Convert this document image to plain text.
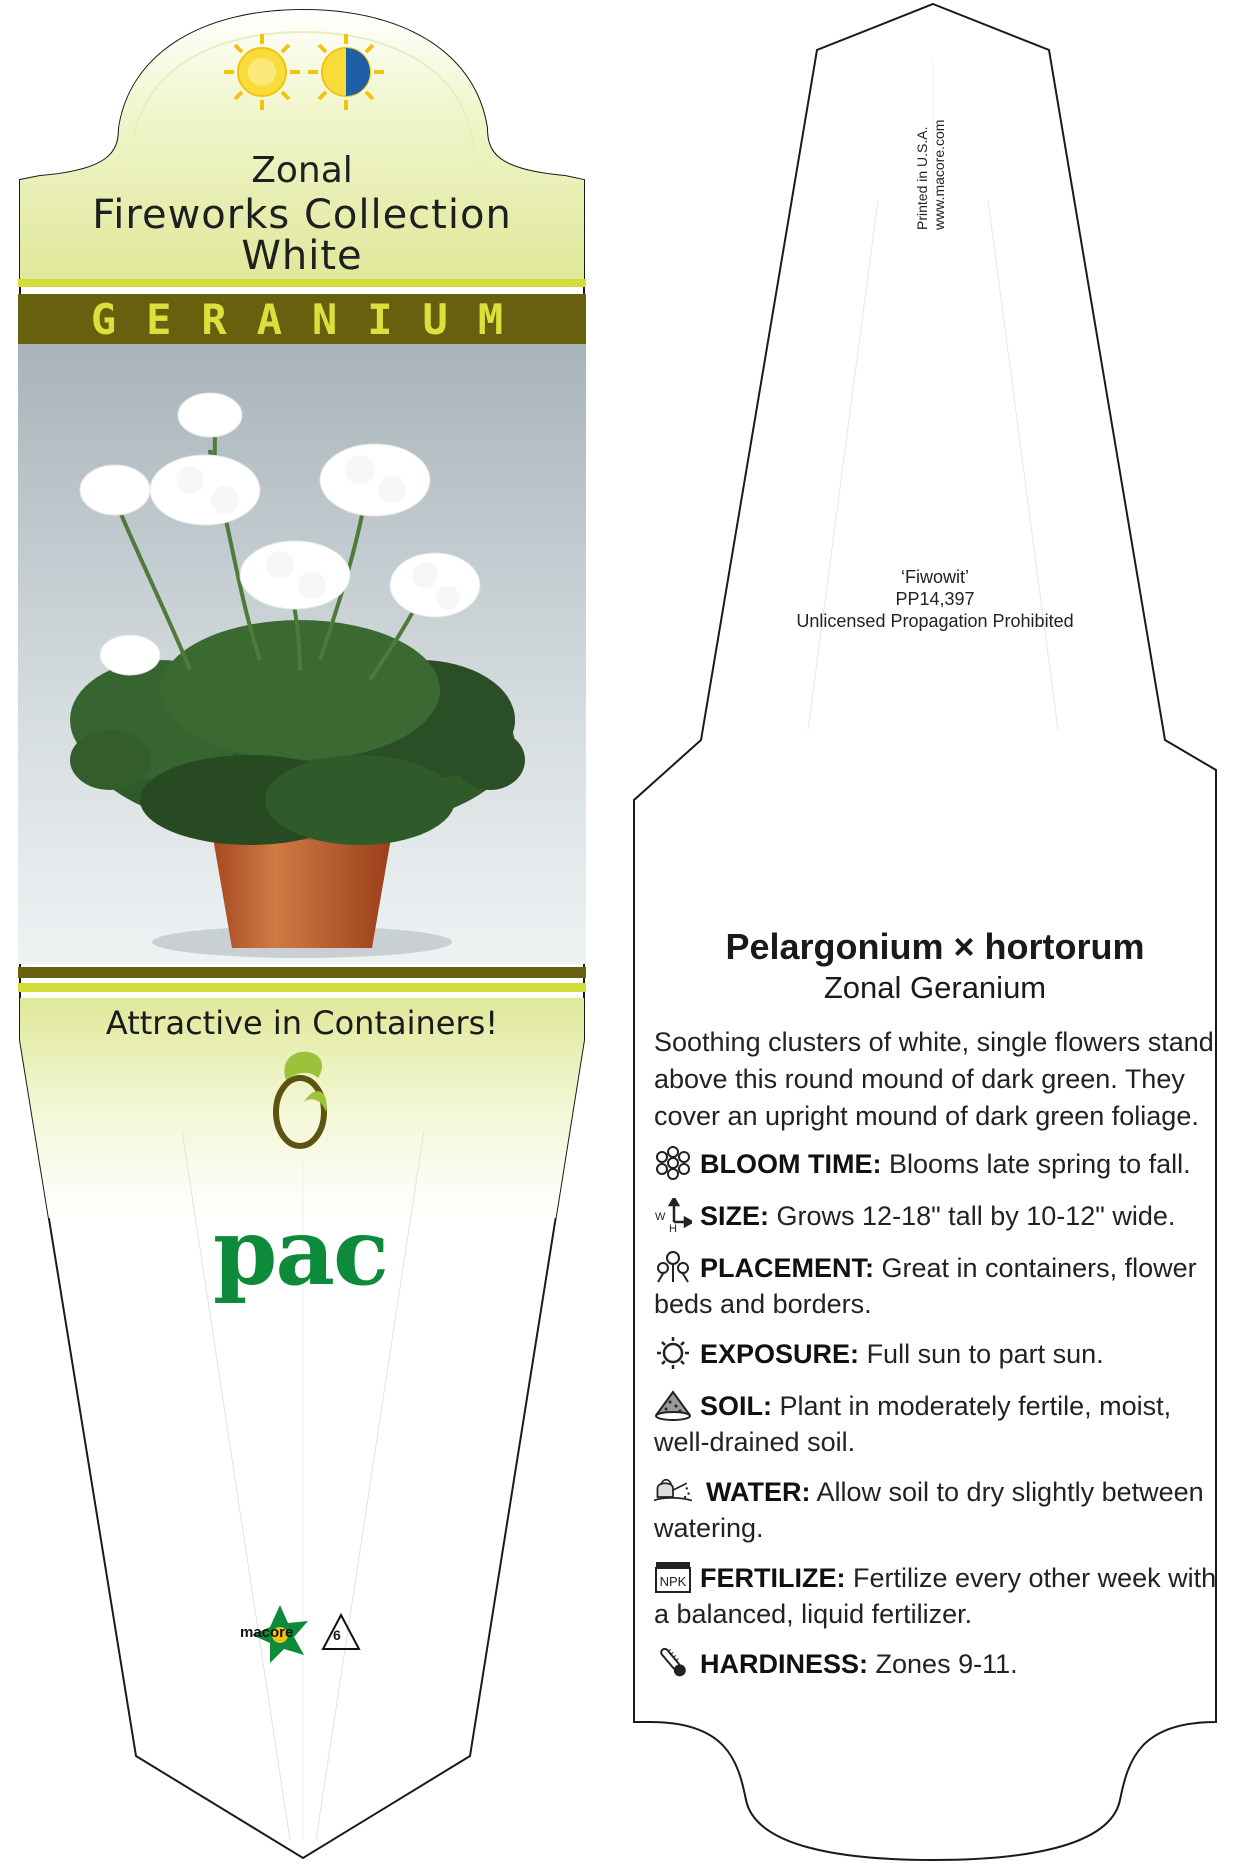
Zonal
Fireworks Collection
White
GERANIUM
Attractive in Containers!
pac
macore	6
Printed in U.S.A. www.macore.com
‘Fiwowit’
PP14,397
Unlicensed Propagation Prohibited
Pelargonium × hortorum
Zonal Geranium
Soothing clusters of white, single flowers stand above this round mound of dark green. They cover an upright mound of dark green foliage.
BLOOM TIME: Blooms late spring to fall.
W
H SIZE: Grows 12-18" tall by 10-12" wide.
PLACEMENT: Great in containers, flower beds and borders.
EXPOSURE: Full sun to part sun.
SOIL: Plant in moderately fertile, moist, well-drained soil.
WATER: Allow soil to dry slightly between watering.
NPK FERTILIZE: Fertilize every other week with a balanced, liquid fertilizer.
HARDINESS: Zones 9-11.
